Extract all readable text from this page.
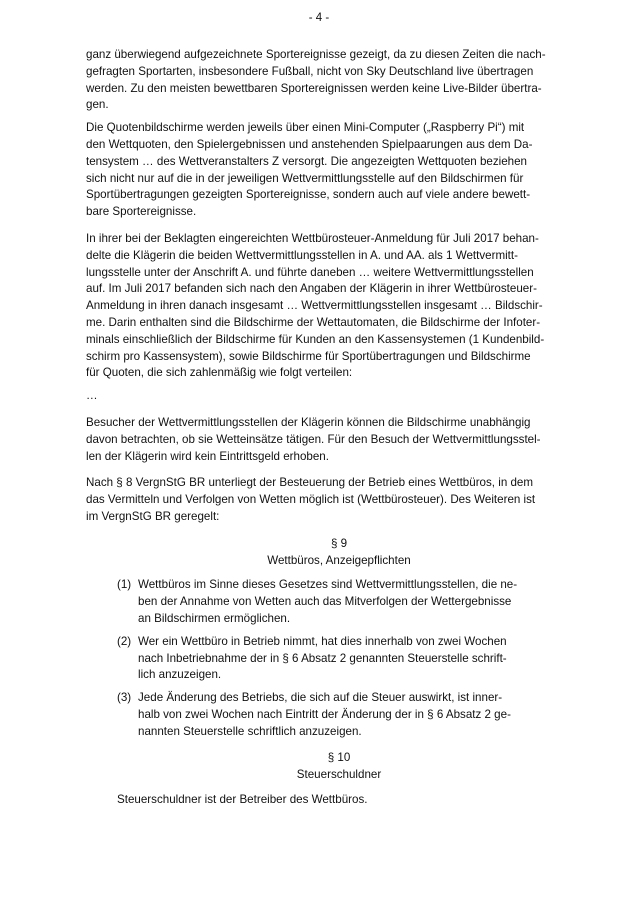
- 4 -

ganz überwiegend aufgezeichnete Sportereignisse gezeigt, da zu diesen Zeiten die nach-
gefragten Sportarten, insbesondere Fußball, nicht von Sky Deutschland live übertragen
werden. Zu den meisten bewettbaren Sportereignissen werden keine Live-Bilder übertra-
gen.

Die Quotenbildschirme werden jeweils über einen Mini-Computer („Raspberry Pi“) mit
den Wettquoten, den Spielergebnissen und anstehenden Spielpaarungen aus dem Da-
tensystem … des Wettveranstalters Z versorgt. Die angezeigten Wettquoten beziehen
sich nicht nur auf die in der jeweiligen Wettvermittlungsstelle auf den Bildschirmen für
Sportübertragungen gezeigten Sportereignisse, sondern auch auf viele andere bewett-
bare Sportereignisse.

In ihrer bei der Beklagten eingereichten Wettbürosteuer-Anmeldung für Juli 2017 behan-
delte die Klägerin die beiden Wettvermittlungsstellen in A. und AA. als 1 Wettvermitt-
lungsstelle unter der Anschrift A. und führte daneben … weitere Wettvermittlungsstellen
auf. Im Juli 2017 befanden sich nach den Angaben der Klägerin in ihrer Wettbürosteuer-
Anmeldung in ihren danach insgesamt … Wettvermittlungsstellen insgesamt … Bildschir-
me. Darin enthalten sind die Bildschirme der Wettautomaten, die Bildschirme der Infoter-
minals einschließlich der Bildschirme für Kunden an den Kassensystemen (1 Kundenbild-
schirm pro Kassensystem), sowie Bildschirme für Sportübertragungen und Bildschirme
für Quoten, die sich zahlenmäßig wie folgt verteilen:

…

Besucher der Wettvermittlungsstellen der Klägerin können die Bildschirme unabhängig
davon betrachten, ob sie Wetteinsätze tätigen. Für den Besuch der Wettvermittlungsstel-
len der Klägerin wird kein Eintrittsgeld erhoben.

Nach § 8 VergnStG BR unterliegt der Besteuerung der Betrieb eines Wettbüros, in dem
das Vermitteln und Verfolgen von Wetten möglich ist (Wettbürosteuer). Des Weiteren ist
im VergnStG BR geregelt:

§ 9
Wettbüros, Anzeigepflichten
(1) Wettbüros im Sinne dieses Gesetzes sind Wettvermittlungsstellen, die ne-
ben der Annahme von Wetten auch das Mitverfolgen der Wettergebnisse
an Bildschirmen ermöglichen.
(2) Wer ein Wettbüro in Betrieb nimmt, hat dies innerhalb von zwei Wochen
nach Inbetriebnahme der in § 6 Absatz 2 genannten Steuerstelle schrift-
lich anzuzeigen.
(3) Jede Änderung des Betriebs, die sich auf die Steuer auswirkt, ist inner-
halb von zwei Wochen nach Eintritt der Änderung der in § 6 Absatz 2 ge-
nannten Steuerstelle schriftlich anzuzeigen.
§ 10
Steuerschuldner

Steuerschuldner ist der Betreiber des Wettbüros.
